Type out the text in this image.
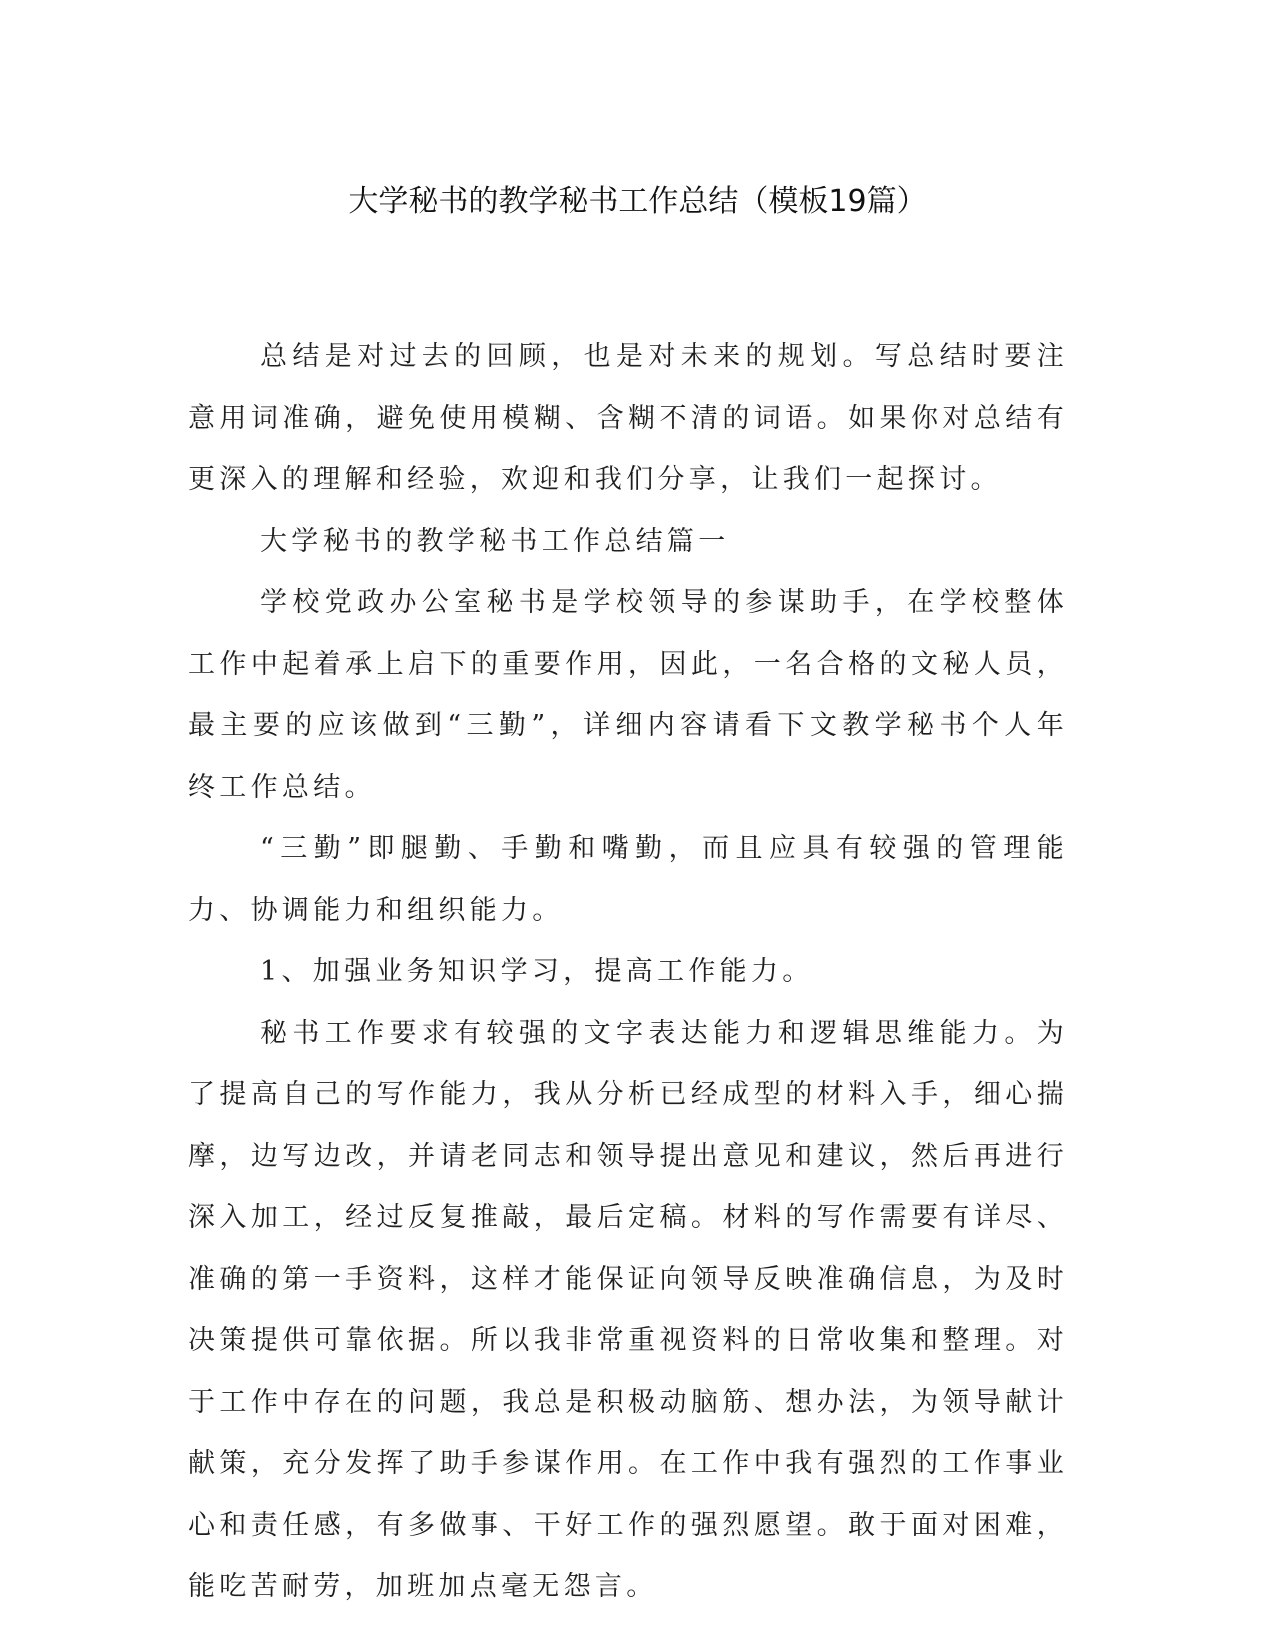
大学秘书的教学秘书工作总结（模板19篇）

总结是对过去的回顾，也是对未来的规划。写总结时要注意用词准确，避免使用模糊、含糊不清的词语。如果你对总结有更深入的理解和经验，欢迎和我们分享，让我们一起探讨。

大学秘书的教学秘书工作总结篇一

学校党政办公室秘书是学校领导的参谋助手，在学校整体工作中起着承上启下的重要作用，因此，一名合格的文秘人员，最主要的应该做到“三勤”，详细内容请看下文教学秘书个人年终工作总结。

“三勤”即腿勤、手勤和嘴勤，而且应具有较强的管理能力、协调能力和组织能力。

1、加强业务知识学习，提高工作能力。

秘书工作要求有较强的文字表达能力和逻辑思维能力。为了提高自己的写作能力，我从分析已经成型的材料入手，细心揣摩，边写边改，并请老同志和领导提出意见和建议，然后再进行深入加工，经过反复推敲，最后定稿。材料的写作需要有详尽、准确的第一手资料，这样才能保证向领导反映准确信息，为及时决策提供可靠依据。所以我非常重视资料的日常收集和整理。对于工作中存在的问题，我总是积极动脑筋、想办法，为领导献计献策，充分发挥了助手参谋作用。在工作中我有强烈的工作事业心和责任感，有多做事、干好工作的强烈愿望。敢于面对困难，能吃苦耐劳，加班加点毫无怨言。
